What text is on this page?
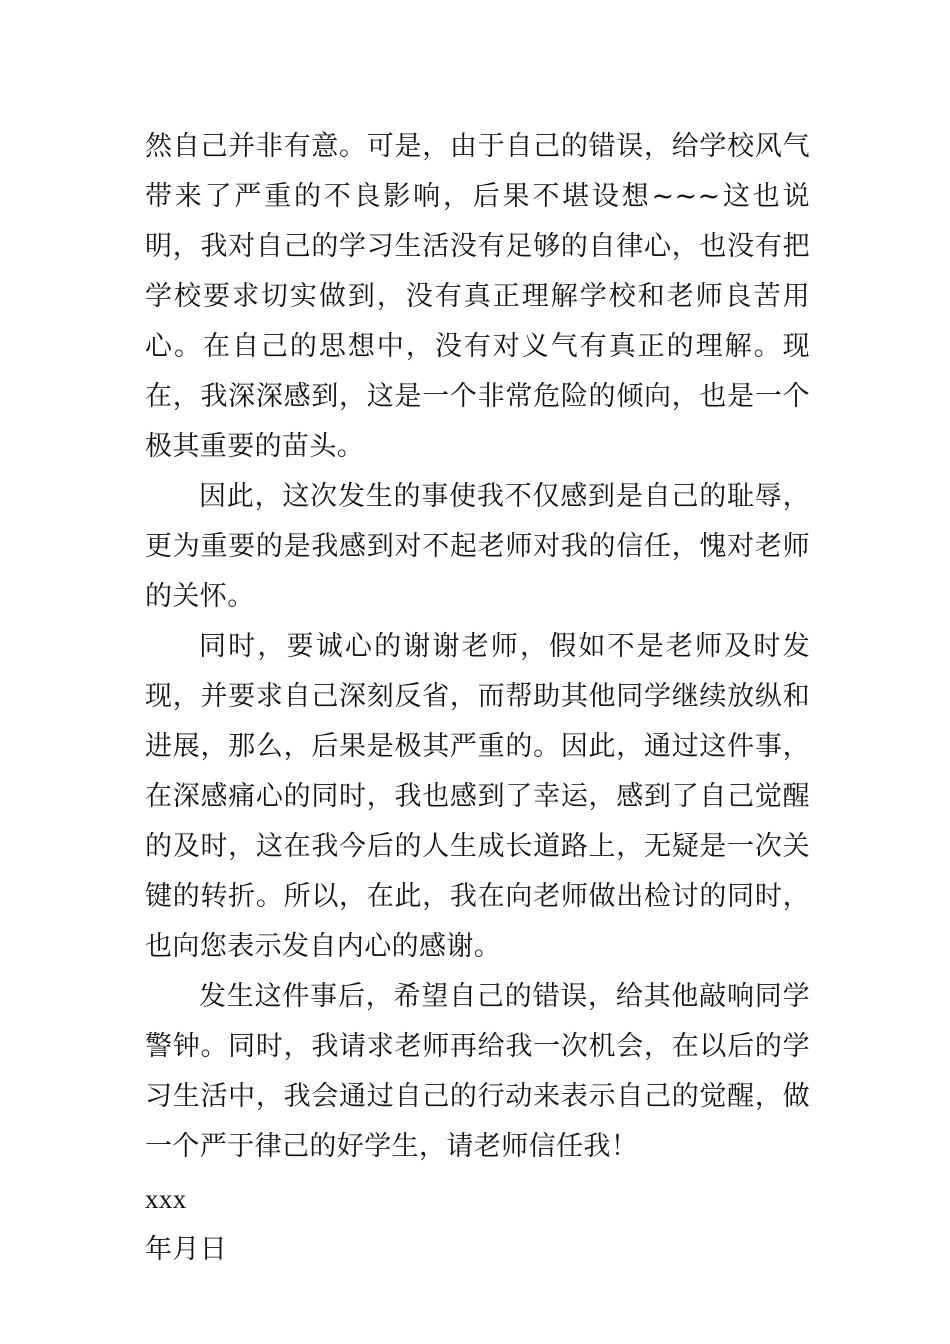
然自己并非有意。可是，由于自己的错误，给学校风气带来了严重的不良影响，后果不堪设想~~~这也说明，我对自己的学习生活没有足够的自律心，也没有把学校要求切实做到，没有真正理解学校和老师良苦用心。在自己的思想中，没有对义气有真正的理解。现在，我深深感到，这是一个非常危险的倾向，也是一个极其重要的苗头。

因此，这次发生的事使我不仅感到是自己的耻辱，更为重要的是我感到对不起老师对我的信任，愧对老师的关怀。

同时，要诚心的谢谢老师，假如不是老师及时发现，并要求自己深刻反省，而帮助其他同学继续放纵和进展，那么，后果是极其严重的。因此，通过这件事，在深感痛心的同时，我也感到了幸运，感到了自己觉醒的及时，这在我今后的人生成长道路上，无疑是一次关键的转折。所以，在此，我在向老师做出检讨的同时，也向您表示发自内心的感谢。

发生这件事后，希望自己的错误，给其他敲响同学警钟。同时，我请求老师再给我一次机会，在以后的学习生活中，我会通过自己的行动来表示自己的觉醒，做一个严于律己的好学生，请老师信任我！

xxx

年月日
